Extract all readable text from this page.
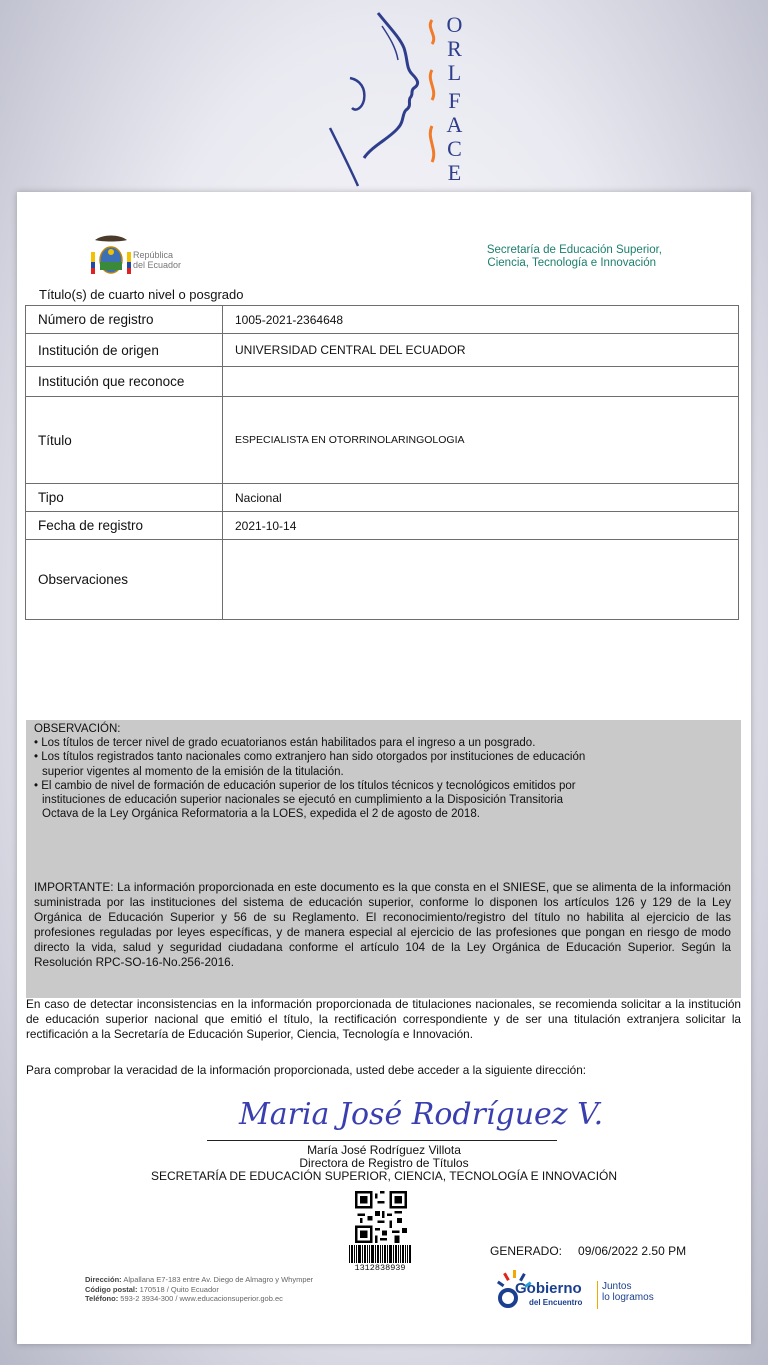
O
R
L
F
A
C
E
República
del Ecuador
Secretaría de Educación Superior,
Ciencia, Tecnología e Innovación
Título(s) de cuarto nivel o posgrado
Número de registro	1005-2021-2364648
Institución de origen	UNIVERSIDAD CENTRAL DEL ECUADOR
Institución que reconoce	
Título	ESPECIALISTA EN OTORRINOLARINGOLOGIA
Tipo	Nacional
Fecha de registro	2021-10-14
Observaciones	
OBSERVACIÓN:
• Los títulos de tercer nivel de grado ecuatorianos están habilitados para el ingreso a un posgrado.
• Los títulos registrados tanto nacionales como extranjero han sido otorgados por instituciones de educación
superior vigentes al momento de la emisión de la titulación.
• El cambio de nivel de formación de educación superior de los títulos técnicos y tecnológicos emitidos por
instituciones de educación superior nacionales se ejecutó en cumplimiento a la Disposición Transitoria
Octava de la Ley Orgánica Reformatoria a la LOES, expedida el 2 de agosto de 2018.
IMPORTANTE: La información proporcionada en este documento es la que consta en el SNIESE, que se alimenta de la información suministrada por las instituciones del sistema de educación superior, conforme lo disponen los artículos 126 y 129 de la Ley Orgánica de Educación Superior y 56 de su Reglamento. El reconocimiento/registro del título no habilita al ejercicio de las profesiones reguladas por leyes específicas, y de manera especial al ejercicio de las profesiones que pongan en riesgo de modo directo la vida, salud y seguridad ciudadana conforme el artículo 104 de la Ley Orgánica de Educación Superior. Según la Resolución RPC-SO-16-No.256-2016.
En caso de detectar inconsistencias en la información proporcionada de titulaciones nacionales, se recomienda solicitar a la institución de educación superior nacional que emitió el título, la rectificación correspondiente y de ser una titulación extranjera solicitar la rectificación a la Secretaría de Educación Superior, Ciencia, Tecnología e Innovación.
Para comprobar la veracidad de la información proporcionada, usted debe acceder a la siguiente dirección:
Maria José Rodríguez V.
María José Rodríguez Villota
Directora de Registro de Títulos
SECRETARÍA DE EDUCACIÓN SUPERIOR, CIENCIA, TECNOLOGÍA E INNOVACIÓN
1312838939
GENERADO: 09/06/2022 2.50 PM
Dirección: Alpallana E7-183 entre Av. Diego de Almagro y Whymper
Código postal: 170518 / Quito Ecuador
Teléfono: 593-2 3934-300 / www.educacionsuperior.gob.ec
Gobierno
del Encuentro
Juntos
lo logramos
